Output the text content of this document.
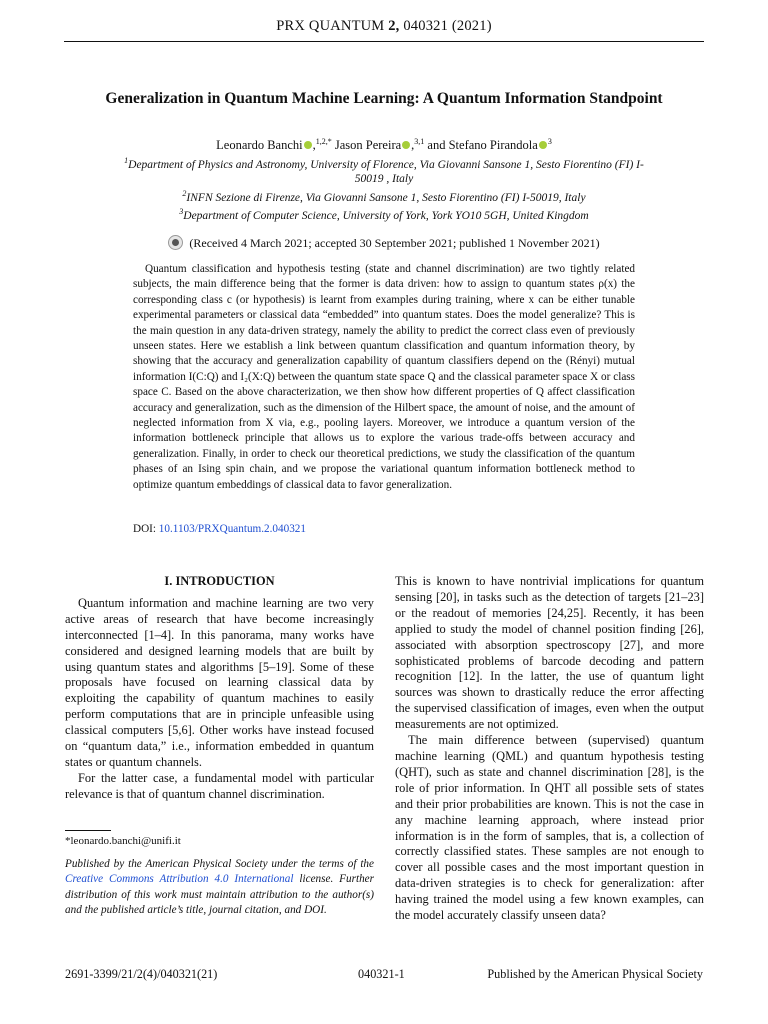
PRX QUANTUM 2, 040321 (2021)
Generalization in Quantum Machine Learning: A Quantum Information Standpoint
Leonardo Banchi ,$^{1,2,*}$ Jason Pereira ,$^{3,1}$ and Stefano Pirandola $^3$
$^1$Department of Physics and Astronomy, University of Florence, Via Giovanni Sansone 1, Sesto Fiorentino (FI) I-50019 , Italy
$^2$INFN Sezione di Firenze, Via Giovanni Sansone 1, Sesto Fiorentino (FI) I-50019, Italy
$^3$Department of Computer Science, University of York, York YO10 5GH, United Kingdom
(Received 4 March 2021; accepted 30 September 2021; published 1 November 2021)
Quantum classification and hypothesis testing (state and channel discrimination) are two tightly related subjects, the main difference being that the former is data driven: how to assign to quantum states ρ(x) the corresponding class c (or hypothesis) is learnt from examples during training, where x can be either tunable experimental parameters or classical data “embedded” into quantum states. Does the model generalize? This is the main question in any data-driven strategy, namely the ability to predict the correct class even of previously unseen states. Here we establish a link between quantum classification and quantum information theory, by showing that the accuracy and generalization capability of quantum classifiers depend on the (Rényi) mutual information I(C:Q) and I₂(X:Q) between the quantum state space Q and the classical parameter space X or class space C. Based on the above characterization, we then show how different properties of Q affect classification accuracy and generalization, such as the dimension of the Hilbert space, the amount of noise, and the amount of neglected information from X via, e.g., pooling layers. Moreover, we introduce a quantum version of the information bottleneck principle that allows us to explore the various trade-offs between accuracy and generalization. Finally, in order to check our theoretical predictions, we study the classification of the quantum phases of an Ising spin chain, and we propose the variational quantum information bottleneck method to optimize quantum embeddings of classical data to favor generalization.
DOI: 10.1103/PRXQuantum.2.040321
I. INTRODUCTION

Quantum information and machine learning are two very active areas of research that have become increasingly interconnected [1–4]. In this panorama, many works have considered and designed learning models that are built by using quantum states and algorithms [5–19]. Some of these proposals have focused on learning classical data by exploiting the capability of quantum machines to easily perform computations that are in principle unfeasible using classical computers [5,6]. Other works have instead focused on “quantum data,” i.e., information embedded in quantum states or quantum channels.

For the latter case, a fundamental model with particular relevance is that of quantum channel discrimination.

This is known to have nontrivial implications for quantum sensing [20], in tasks such as the detection of targets [21–23] or the readout of memories [24,25]. Recently, it has been applied to study the model of channel position finding [26], associated with absorption spectroscopy [27], and more sophisticated problems of barcode decoding and pattern recognition [12]. In the latter, the use of quantum light sources was shown to drastically reduce the error affecting the supervised classification of images, even when the output measurements are not optimized.

The main difference between (supervised) quantum machine learning (QML) and quantum hypothesis testing (QHT), such as state and channel discrimination [28], is the role of prior information. In QHT all possible sets of states and their prior probabilities are known. This is not the case in any machine learning approach, where instead prior information is in the form of samples, that is, a collection of correctly classified states. These samples are not enough to cover all possible cases and the most important question in data-driven strategies is to check for generalization: after having trained the model using a few known examples, can the model accurately classify unseen data?

*leonardo.banchi@unifi.it
Published by the American Physical Society under the terms of the Creative Commons Attribution 4.0 International license. Further distribution of this work must maintain attribution to the author(s) and the published article’s title, journal citation, and DOI.
2691-3399/21/2(4)/040321(21)	040321-1	Published by the American Physical Society
